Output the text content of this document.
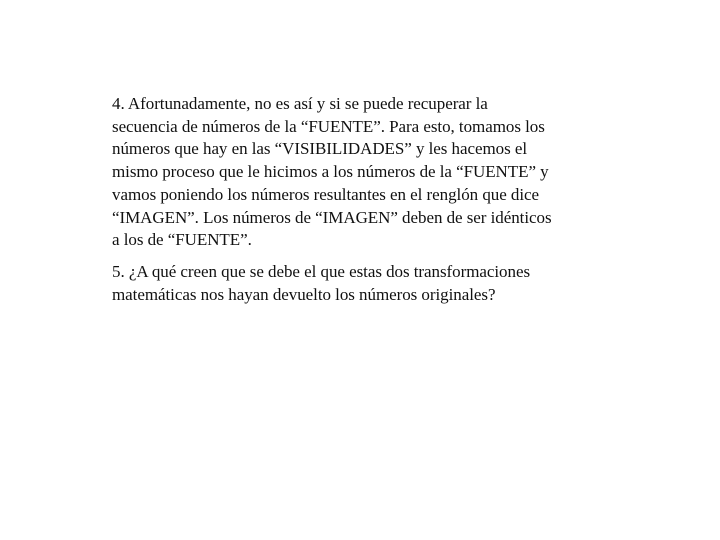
4. Afortunadamente, no es así y si se puede recuperar la
secuencia de números de la “FUENTE”. Para esto, tomamos los
números que hay en las “VISIBILIDADES” y les hacemos el
mismo proceso que le hicimos a los números de la “FUENTE” y
vamos poniendo los números resultantes en el renglón que dice
“IMAGEN”. Los números de “IMAGEN” deben de ser idénticos
a los de “FUENTE”.

5. ¿A qué creen que se debe el que estas dos transformaciones
matemáticas nos hayan devuelto los números originales?
